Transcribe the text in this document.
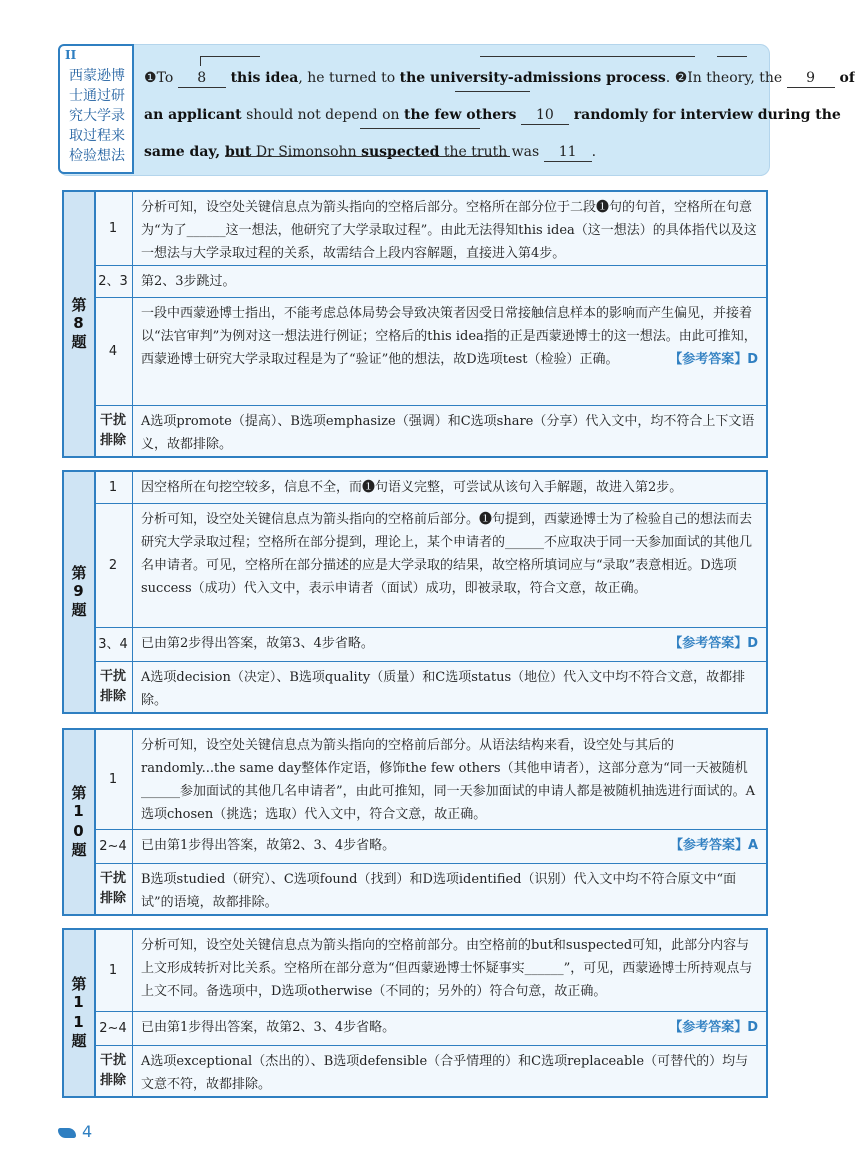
II
西蒙逊博士通过研究大学录取过程来检验想法
❶To 8 this idea, he turned to the university-admissions process. ❷In theory, the 9 of
an applicant should not depend on the few others 10 randomly for interview during the
same day, but Dr Simonsohn suspected the truth was 11 .
第8题
1
分析可知，设空处关键信息点为箭头指向的空格后部分。空格所在部分位于二段❶句的句首，空格所在句意为“为了______这一想法，他研究了大学录取过程”。由此无法得知this idea（这一想法）的具体指代以及这一想法与大学录取过程的关系，故需结合上段内容解题，直接进入第4步。
2、3	第2、3步跳过。
4
一段中西蒙逊博士指出，不能考虑总体局势会导致决策者因受日常接触信息样本的影响而产生偏见，并接着以“法官审判”为例对这一想法进行例证；空格后的this idea指的正是西蒙逊博士的这一想法。由此可推知，西蒙逊博士研究大学录取过程是为了“验证”他的想法，故D选项test（检验）正确。	【参考答案】D
干扰排除
A选项promote（提高）、B选项emphasize（强调）和C选项share（分享）代入文中，均不符合上下文语义，故都排除。
第9题
1	因空格所在句挖空较多，信息不全，而❶句语义完整，可尝试从该句入手解题，故进入第2步。
2
分析可知，设空处关键信息点为箭头指向的空格前后部分。❶句提到，西蒙逊博士为了检验自己的想法而去研究大学录取过程；空格所在部分提到，理论上，某个申请者的______不应取决于同一天参加面试的其他几名申请者。可见，空格所在部分描述的应是大学录取的结果，故空格所填词应与“录取”表意相近。D选项success（成功）代入文中，表示申请者（面试）成功，即被录取，符合文意，故正确。
3、4	已由第2步得出答案，故第3、4步省略。	【参考答案】D
干扰排除
A选项decision（决定）、B选项quality（质量）和C选项status（地位）代入文中均不符合文意，故都排除。
第10题
1
分析可知，设空处关键信息点为箭头指向的空格前后部分。从语法结构来看，设空处与其后的randomly...the same day整体作定语，修饰the few others（其他申请者），这部分意为“同一天被随机______参加面试的其他几名申请者”，由此可推知，同一天参加面试的申请人都是被随机抽选进行面试的。A选项chosen（挑选；选取）代入文中，符合文意，故正确。
2~4	已由第1步得出答案，故第2、3、4步省略。	【参考答案】A
干扰排除
B选项studied（研究）、C选项found（找到）和D选项identified（识别）代入文中均不符合原文中“面试”的语境，故都排除。
第11题
1
分析可知，设空处关键信息点为箭头指向的空格前部分。由空格前的but和suspected可知，此部分内容与上文形成转折对比关系。空格所在部分意为“但西蒙逊博士怀疑事实______”，可见，西蒙逊博士所持观点与上文不同。备选项中，D选项otherwise（不同的；另外的）符合句意，故正确。
2~4	已由第1步得出答案，故第2、3、4步省略。	【参考答案】D
干扰排除
A选项exceptional（杰出的）、B选项defensible（合乎情理的）和C选项replaceable（可替代的）均与文意不符，故都排除。
4
